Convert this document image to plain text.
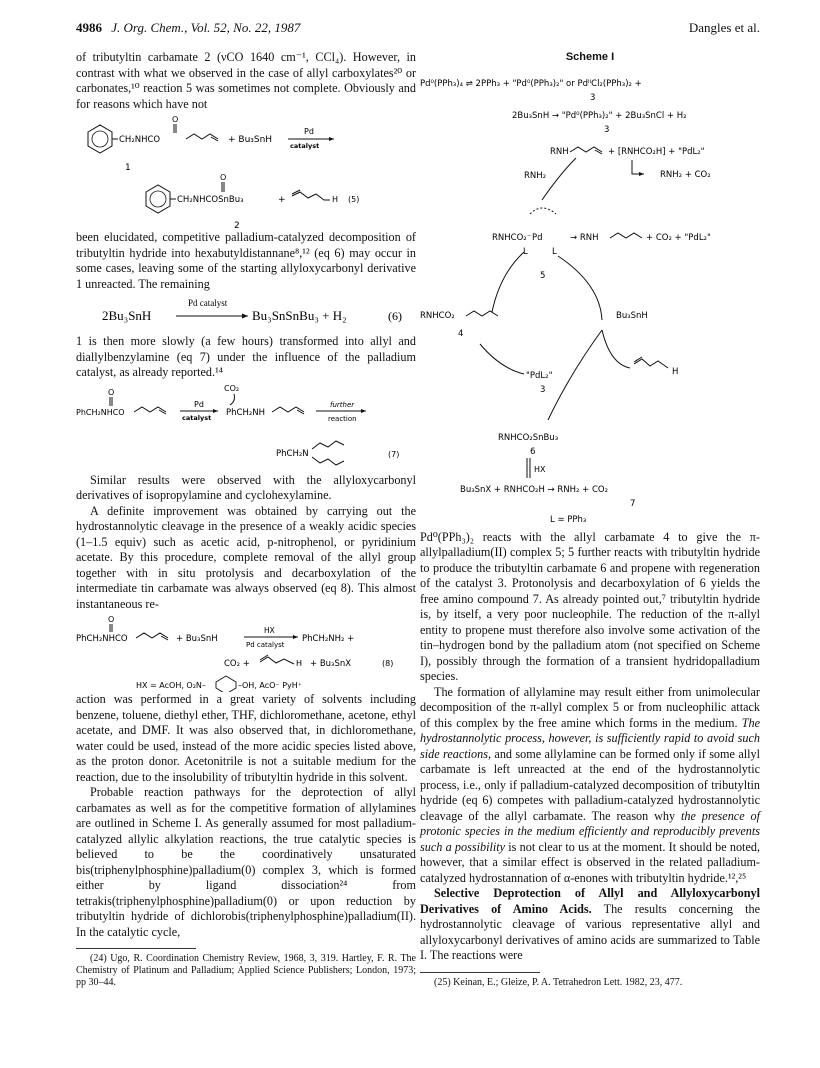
4986 J. Org. Chem., Vol. 52, No. 22, 1987	Dangles et al.

of tributyltin carbamate 2 (νCO 1640 cm⁻¹, CCl₄). However, in contrast with what we observed in the case of allyl carboxylates²⁰ or carbonates,¹⁰ reaction 5 was sometimes not complete. Obviously and for reasons which have not

CH₂NHCO
O
+ Bu₃SnH
Pd
catalyst
1
CH₂NHCOSnBu₃
O
+	H (5)
2

been elucidated, competitive palladium-catalyzed decomposition of tributyltin hydride into hexabutyldistannane⁸,¹² (eq 6) may occur in some cases, leaving some of the starting allyloxycarbonyl derivative 1 unreacted. The remaining

2Bu₃SnH
Pd catalyst
Bu₃SnSnBu₃ + H₂	(6)

1 is then more slowly (a few hours) transformed into allyl and diallylbenzylamine (eq 7) under the influence of the palladium catalyst, as already reported.¹⁴

O
PhCH₂NHCO
CO₂
Pd
catalyst PhCH₂NH
further
reaction
PhCH₂N	(7)

Similar results were observed with the allyloxycarbonyl derivatives of isopropylamine and cyclohexylamine.

A definite improvement was obtained by carrying out the hydrostannolytic cleavage in the presence of a weakly acidic species (1–1.5 equiv) such as acetic acid, p-nitrophenol, or pyridinium acetate. By this procedure, complete removal of the allyl group together with in situ protolysis and decarboxylation of the intermediate tin carbamate was always observed (eq 8). This almost instantaneous re-

O
PhCH₂NHCO	+ Bu₃SnH
HX
Pd catalyst
PhCH₂NH₂ +
CO₂ +	H + Bu₃SnX	(8)
HX = AcOH, O₂N–	–OH, AcO⁻ PyH⁺

action was performed in a great variety of solvents including benzene, toluene, diethyl ether, THF, dichloromethane, acetone, ethyl acetate, and DMF. It was also observed that, in dichloromethane, water could be used, instead of the more acidic species listed above, as the proton donor. Acetonitrile is not a suitable medium for the reaction, due to the insolubility of tributyltin hydride in this solvent.

Probable reaction pathways for the deprotection of allyl carbamates as well as for the competitive formation of allylamines are outlined in Scheme I. As generally assumed for most palladium-catalyzed allylic alkylation reactions, the true catalytic species is believed to be the coordinatively unsaturated bis(triphenylphosphine)palladium(0) complex 3, which is formed either by ligand dissociation²⁴ from tetrakis(triphenylphosphine)palladium(0) or upon reduction by tributyltin hydride of dichlorobis(triphenylphosphine)palladium(II). In the catalytic cycle,

(24) Ugo, R. Coordination Chemistry Review, 1968, 3, 319. Hartley, F. R. The Chemistry of Platinum and Palladium; Applied Science Publishers; London, 1973; pp 30–44.

Scheme I
Pd⁰(PPh₃)₄ ⇌ 2PPh₃ + "Pd⁰(PPh₃)₂" or PdᴵᴵCl₂(PPh₃)₂ +
3
2Bu₃SnH → "Pd⁰(PPh₃)₂" + 2Bu₃SnCl + H₂
3
RNH	+ [RNHCO₂H] + "PdL₂"
RNH₂ + CO₂
RNH₂
RNHCO₂⁻ Pd
L	L
→ RNH	+ CO₂ + "PdL₂"
5
RNHCO₂
4
Bu₃SnH
"PdL₂"
3
H
RNHCO₂SnBu₃
6
HX
Bu₃SnX + RNHCO₂H → RNH₂ + CO₂
7
L = PPh₃

Pd⁰(PPh₃)₂ reacts with the allyl carbamate 4 to give the π-allylpalladium(II) complex 5; 5 further reacts with tributyltin hydride to produce the tributyltin carbamate 6 and propene with regeneration of the catalyst 3. Protonolysis and decarboxylation of 6 yields the free amino compound 7. As already pointed out,⁷ tributyltin hydride is, by itself, a very poor nucleophile. The reduction of the π-allyl entity to propene must therefore also involve some activation of the tin–hydrogen bond by the palladium atom (not specified on Scheme I), possibly through the formation of a transient hydridopalladium species.

The formation of allylamine may result either from unimolecular decomposition of the π-allyl complex 5 or from nucleophilic attack of this complex by the free amine which forms in the medium. The hydrostannolytic process, however, is sufficiently rapid to avoid such side reactions, and some allylamine can be formed only if some allyl carbamate is left unreacted at the end of the hydrostannolytic process, i.e., only if palladium-catalyzed decomposition of tributyltin hydride (eq 6) competes with palladium-catalyzed hydrostannolytic cleavage of the allyl carbamate. The reason why the presence of protonic species in the medium efficiently and reproducibly prevents such a possibility is not clear to us at the moment. It should be noted, however, that a similar effect is observed in the related palladium-catalyzed hydrostannation of α-enones with tributyltin hydride.¹²,²⁵

Selective Deprotection of Allyl and Allyloxycarbonyl Derivatives of Amino Acids. The results concerning the hydrostannolytic cleavage of various representative allyl and allyloxycarbonyl derivatives of amino acids are summarized to Table I. The reactions were

(25) Keinan, E.; Gleize, P. A. Tetrahedron Lett. 1982, 23, 477.
